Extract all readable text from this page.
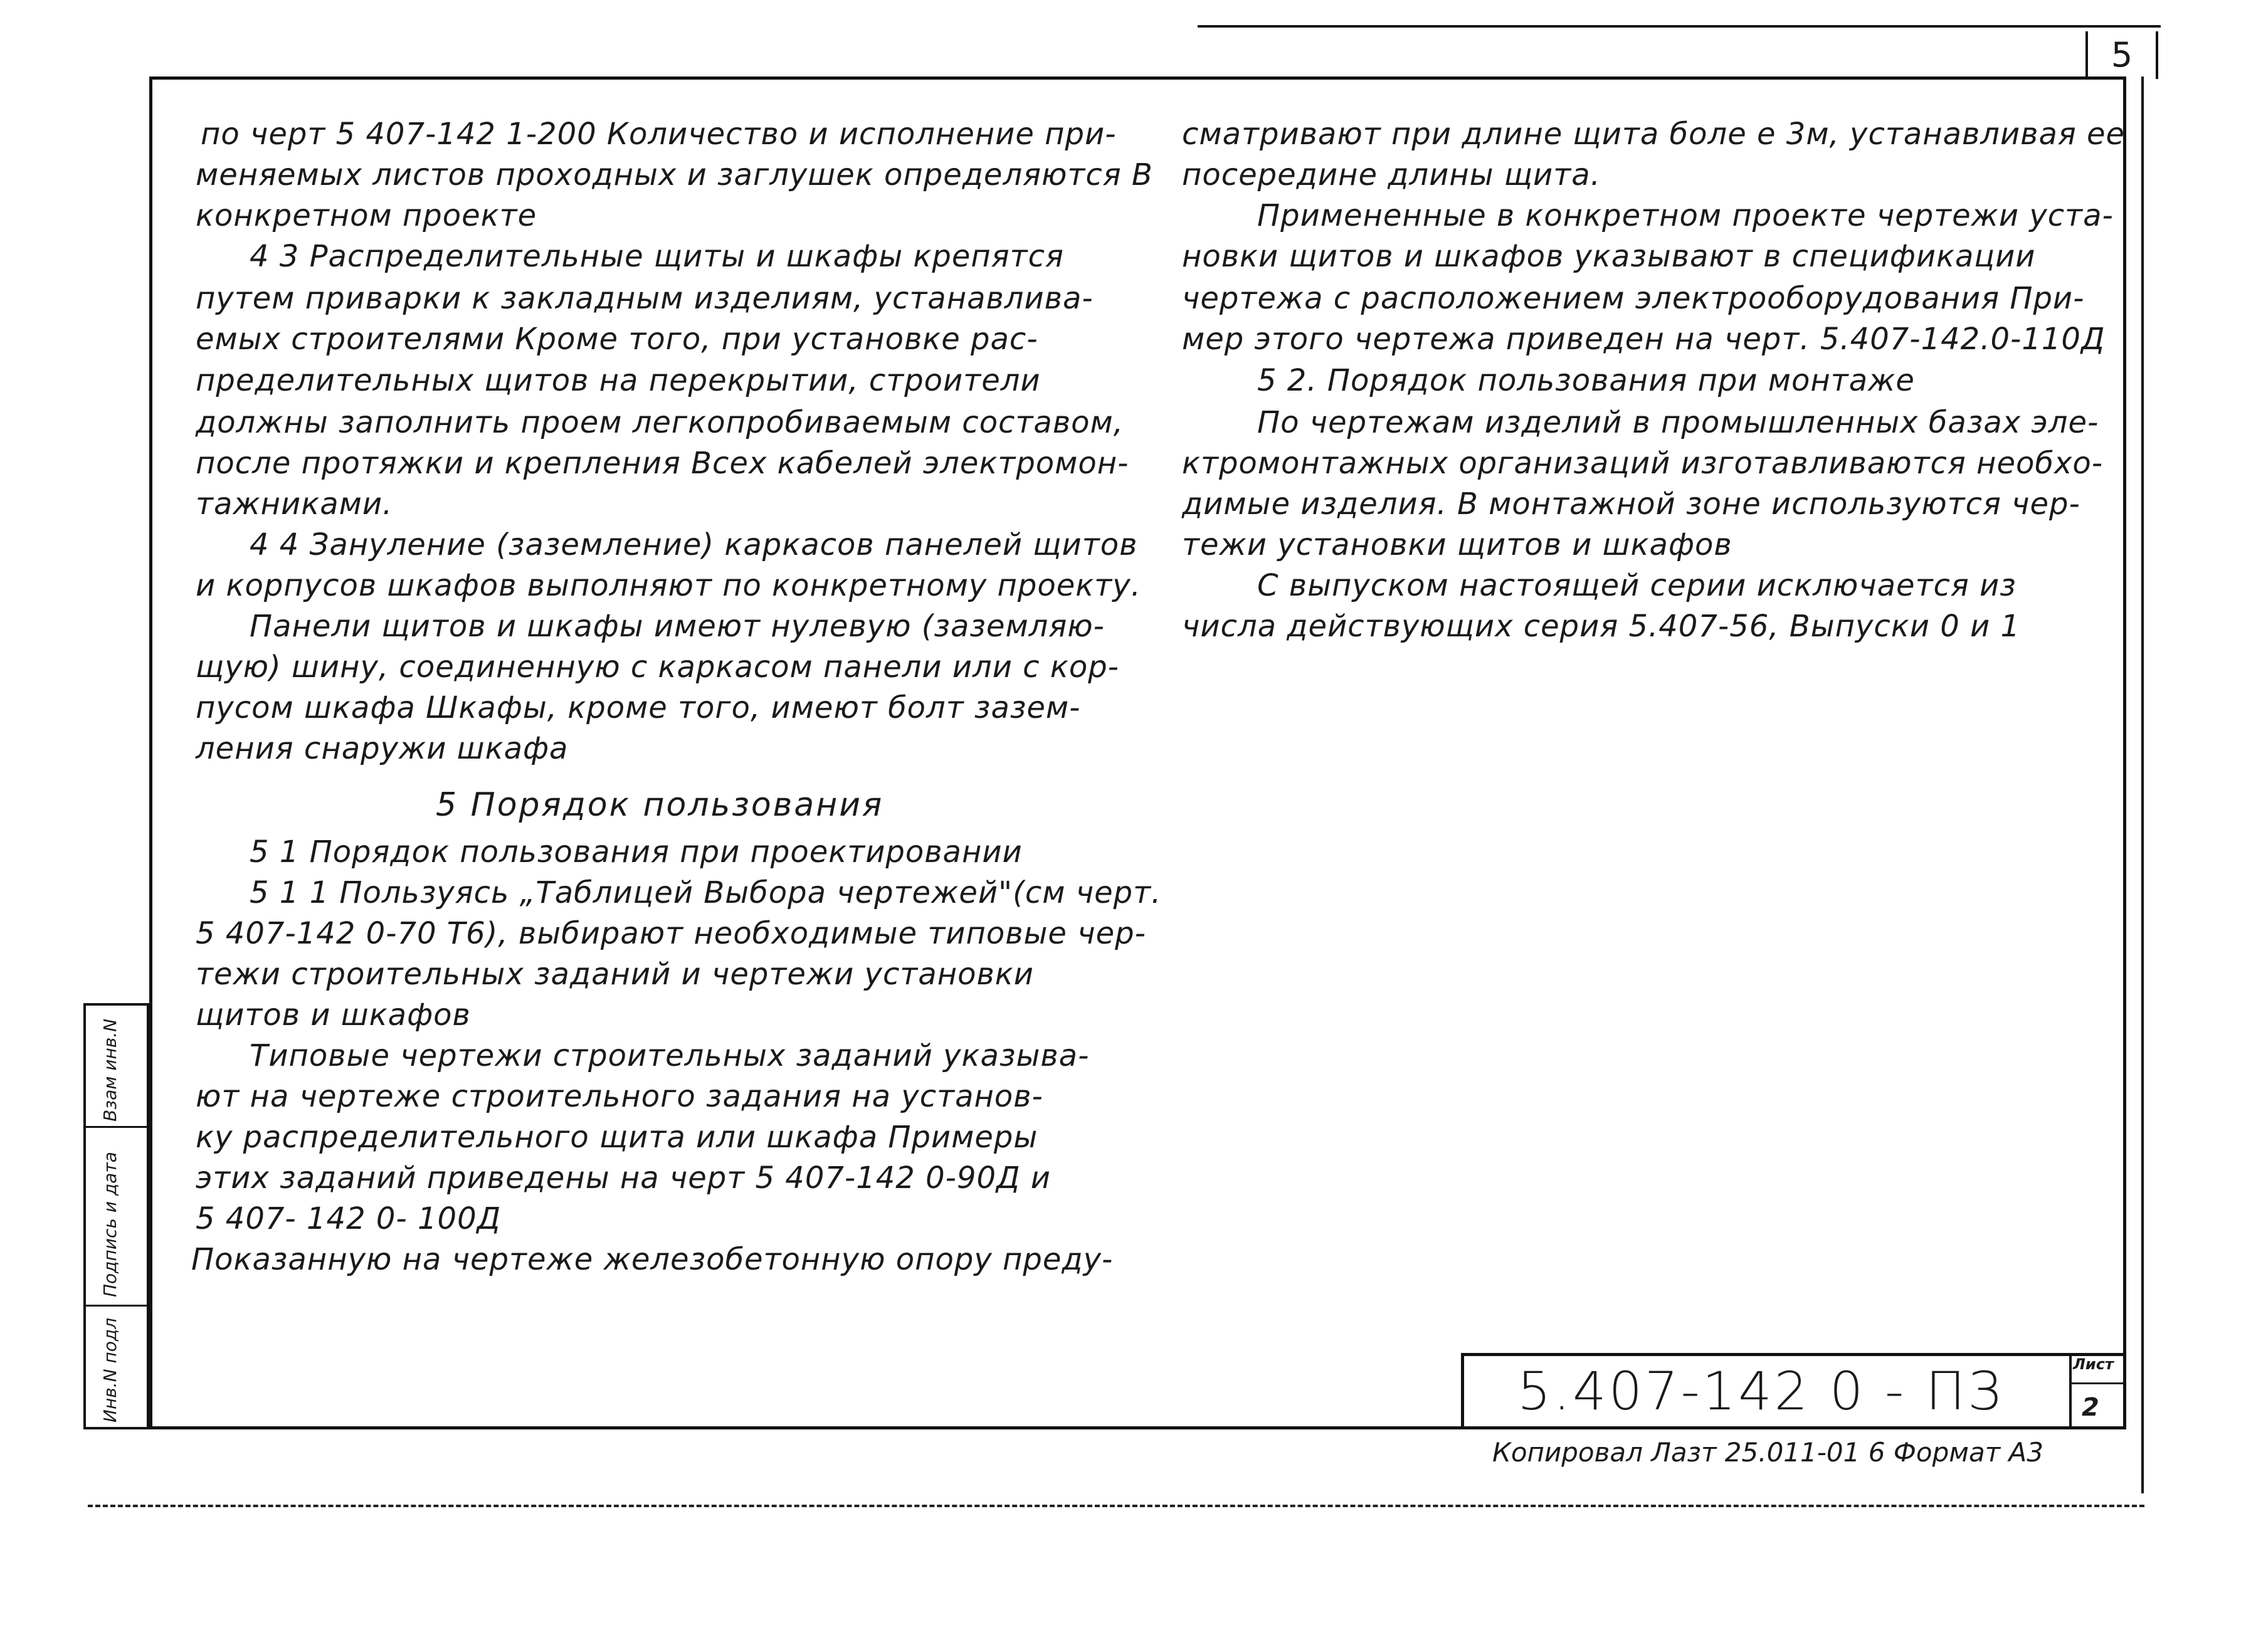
5
по черт 5 407-142 1-200 Количество и исполнение при-
меняемых листов проходных и заглушек определяются В
конкретном проекте
4 3 Распределительные щиты и шкафы крепятся
путем приварки к закладным изделиям, устанавлива-
емых строителями Кроме того, при установке рас-
пределительных щитов на перекрытии, строители
должны заполнить проем легкопробиваемым составом,
после протяжки и крепления Всех кабелей электромон-
тажниками.
4 4 Зануление (заземление) каркасов панелей щитов
и корпусов шкафов выполняют по конкретному проекту.
Панели щитов и шкафы имеют нулевую (заземляю-
щую) шину, соединенную с каркасом панели или с кор-
пусом шкафа Шкафы, кроме того, имеют болт зазем-
ления снаружи шкафа
5 Порядок пользования
5 1 Порядок пользования при проектировании
5 1 1 Пользуясь „Таблицей Выбора чертежей"(см черт.
5 407-142 0-70 Т6), выбирают необходимые типовые чер-
тежи строительных заданий и чертежи установки
щитов и шкафов
Типовые чертежи строительных заданий указыва-
ют на чертеже строительного задания на установ-
ку распределительного щита или шкафа Примеры
этих заданий приведены на черт 5 407-142 0-90Д и
5 407- 142 0- 100Д
Показанную на чертеже железобетонную опору преду-
сматривают при длине щита боле е 3м, устанавливая ее
посередине длины щита.
Примененные в конкретном проекте чертежи уста-
новки щитов и шкафов указывают в спецификации
чертежа с расположением электрооборудования При-
мер этого чертежа приведен на черт. 5.407-142.0-110Д
5 2. Порядок пользования при монтаже
По чертежам изделий в промышленных базах эле-
ктромонтажных организаций изготавливаются необхо-
димые изделия. В монтажной зоне используются чер-
тежи установки щитов и шкафов
С выпуском настоящей серии исключается из
числа действующих серия 5.407-56, Выпуски 0 и 1
Взам инв.N
Подпись и дата
Инв.N подл	5.407-142 0 - ПЗ	Лист
2
Копировал Лазт 25.011-01 6 Формат А3
